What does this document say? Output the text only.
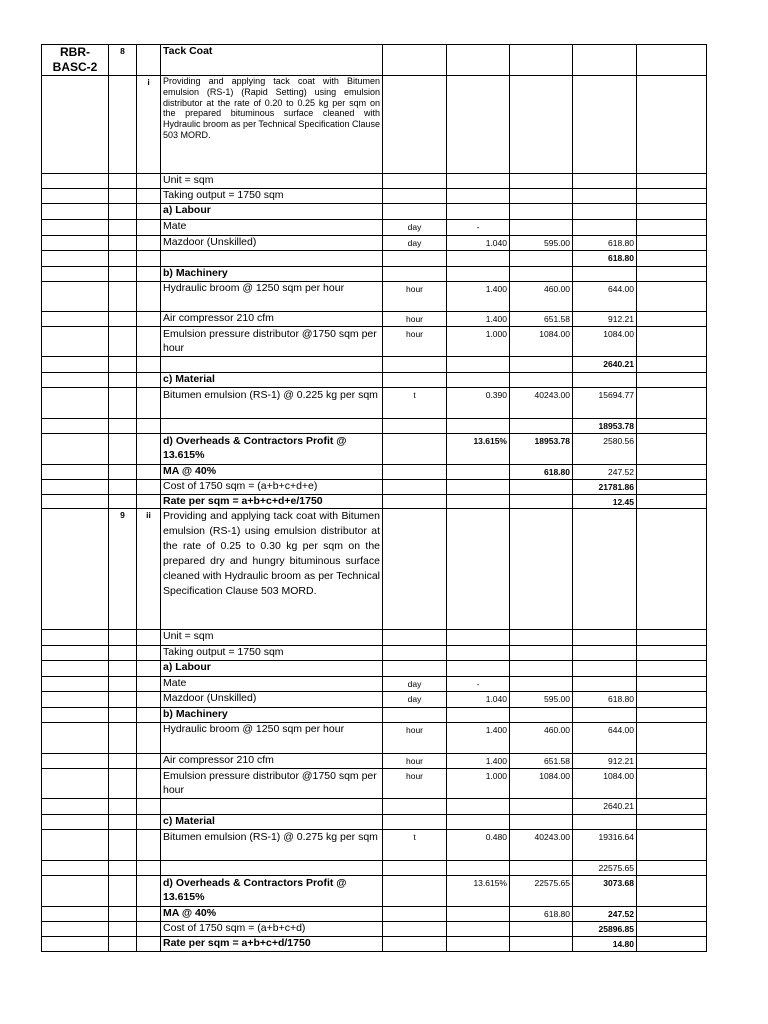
RBR-BASC-2	8		Tack Coat					
		i	Providing and applying tack coat with Bitumen emulsion (RS-1) (Rapid Setting) using emulsion distributor at the rate of 0.20 to 0.25 kg per sqm on the prepared bituminous surface cleaned with Hydraulic broom as per Technical Specification Clause 503 MORD.					
			Unit = sqm					
			Taking output = 1750 sqm					
			a) Labour					
			Mate	day	-			
			Mazdoor (Unskilled)	day	1.040	595.00	618.80	
							618.80	
			b) Machinery					
			Hydraulic broom @ 1250 sqm per hour	hour	1.400	460.00	644.00	
			Air compressor 210 cfm	hour	1.400	651.58	912.21	
			Emulsion pressure distributor @1750 sqm per hour	hour	1.000	1084.00	1084.00	
							2640.21	
			c) Material					
			Bitumen emulsion (RS-1) @ 0.225 kg per sqm	t	0.390	40243.00	15694.77	
							18953.78	
			d) Overheads & Contractors Profit @ 13.615%		13.615%	18953.78	2580.56	
			MA @ 40%			618.80	247.52	
			Cost of 1750 sqm = (a+b+c+d+e)				21781.86	
			Rate per sqm = a+b+c+d+e/1750				12.45	
	9	ii	Providing and applying tack coat with Bitumen emulsion (RS-1) using emulsion distributor at the rate of 0.25 to 0.30 kg per sqm on the prepared dry and hungry bituminous surface cleaned with Hydraulic broom as per Technical Specification Clause 503 MORD.					
			Unit = sqm					
			Taking output = 1750 sqm					
			a) Labour					
			Mate	day	-			
			Mazdoor (Unskilled)	day	1.040	595.00	618.80	
			b) Machinery					
			Hydraulic broom @ 1250 sqm per hour	hour	1.400	460.00	644.00	
			Air compressor 210 cfm	hour	1.400	651.58	912.21	
			Emulsion pressure distributor @1750 sqm per hour	hour	1.000	1084.00	1084.00	
							2640.21	
			c) Material					
			Bitumen emulsion (RS-1) @ 0.275 kg per sqm	t	0.480	40243.00	19316.64	
							22575.65	
			d) Overheads & Contractors Profit @ 13.615%		13.615%	22575.65	3073.68	
			MA @ 40%			618.80	247.52	
			Cost of 1750 sqm = (a+b+c+d)				25896.85	
			Rate per sqm = a+b+c+d/1750				14.80	
